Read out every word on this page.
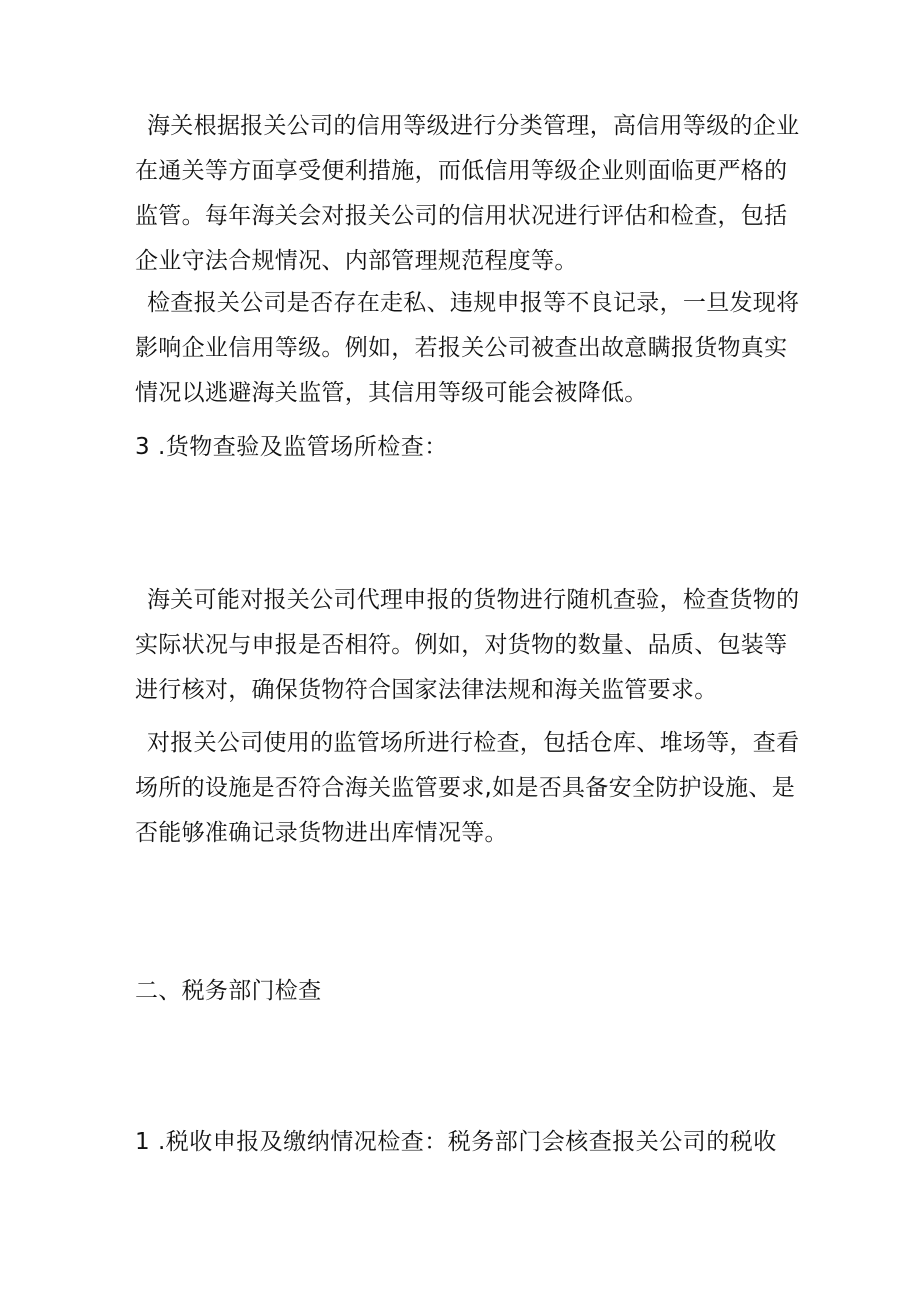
海关根据报关公司的信用等级进行分类管理，高信用等级的企业
在通关等方面享受便利措施，而低信用等级企业则面临更严格的
监管。每年海关会对报关公司的信用状况进行评估和检查，包括
企业守法合规情况、内部管理规范程度等。
检查报关公司是否存在走私、违规申报等不良记录，一旦发现将
影响企业信用等级。例如，若报关公司被查出故意瞒报货物真实
情况以逃避海关监管，其信用等级可能会被降低。
3 .货物查验及监管场所检查：
海关可能对报关公司代理申报的货物进行随机查验，检查货物的
实际状况与申报是否相符。例如，对货物的数量、品质、包装等
进行核对，确保货物符合国家法律法规和海关监管要求。
对报关公司使用的监管场所进行检查，包括仓库、堆场等，查看
场所的设施是否符合海关监管要求,如是否具备安全防护设施、是
否能够准确记录货物进出库情况等。
二、税务部门检查
1 .税收申报及缴纳情况检查：税务部门会核查报关公司的税收
